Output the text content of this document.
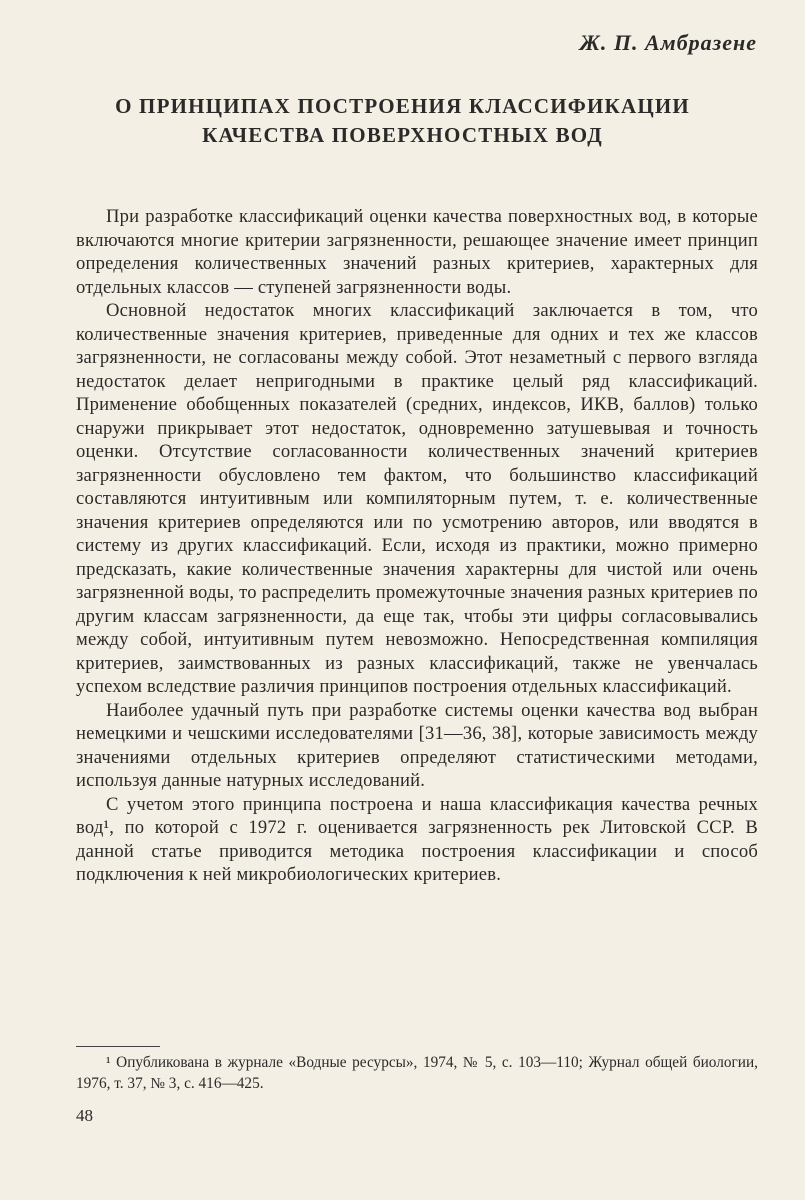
Ж. П. Амбразене
О ПРИНЦИПАХ ПОСТРОЕНИЯ КЛАССИФИКАЦИИ
КАЧЕСТВА ПОВЕРХНОСТНЫХ ВОД

При разработке классификаций оценки качества поверхностных вод, в которые включаются многие критерии загрязненности, решающее значение имеет принцип определения количественных значений разных критериев, характерных для отдельных классов — ступеней загрязненности воды.

Основной недостаток многих классификаций заключается в том, что количественные значения критериев, приведенные для одних и тех же классов загрязненности, не согласованы между собой. Этот незаметный с первого взгляда недостаток делает непригодными в практике целый ряд классификаций. Применение обобщенных показателей (средних, индексов, ИКВ, баллов) только снаружи прикрывает этот недостаток, одновременно затушевывая и точность оценки. Отсутствие согласованности количественных значений критериев загрязненности обусловлено тем фактом, что большинство классификаций составляются интуитивным или компиляторным путем, т. е. количественные значения критериев определяются или по усмотрению авторов, или вводятся в систему из других классификаций. Если, исходя из практики, можно примерно предсказать, какие количественные значения характерны для чистой или очень загрязненной воды, то распределить промежуточные значения разных критериев по другим классам загрязненности, да еще так, чтобы эти цифры согласовывались между собой, интуитивным путем невозможно. Непосредственная компиляция критериев, заимствованных из разных классификаций, также не увенчалась успехом вследствие различия принципов построения отдельных классификаций.

Наиболее удачный путь при разработке системы оценки качества вод выбран немецкими и чешскими исследователями [31—36, 38], которые зависимость между значениями отдельных критериев определяют статистическими методами, используя данные натурных исследований.

С учетом этого принципа построена и наша классификация качества речных вод¹, по которой с 1972 г. оценивается загрязненность рек Литовской ССР. В данной статье приводится методика построения классификации и способ подключения к ней микробиологических критериев.

¹ Опубликована в журнале «Водные ресурсы», 1974, № 5, с. 103—110; Журнал общей биологии, 1976, т. 37, № 3, с. 416—425.
48
